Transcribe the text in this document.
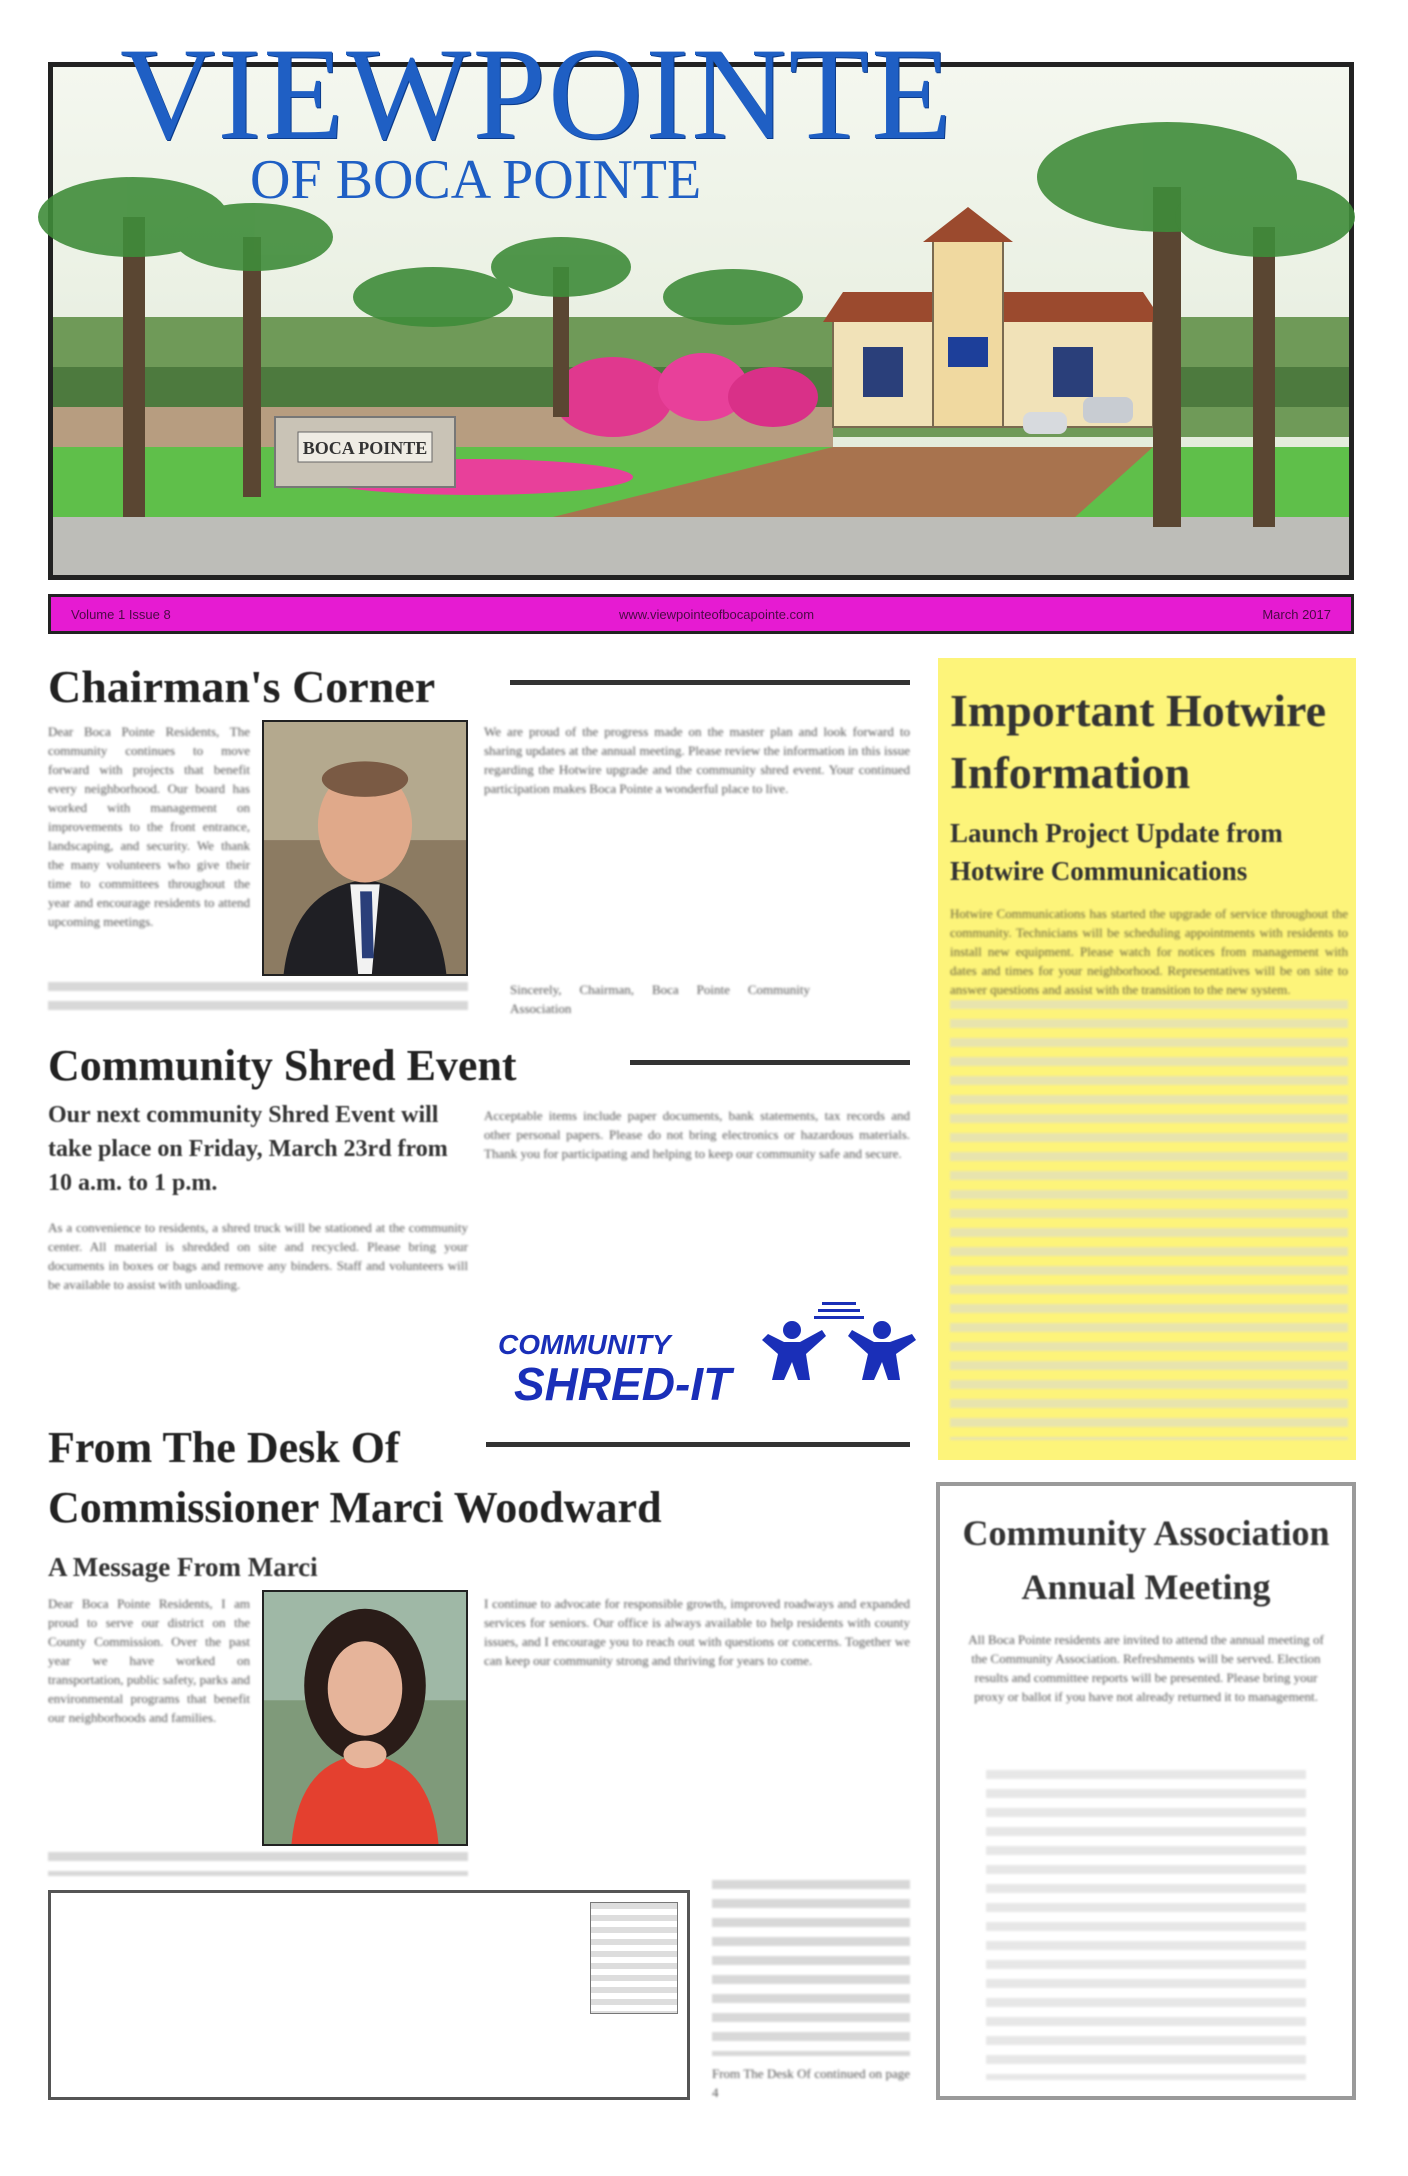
BOCA POINTE
VIEWPOINTE
OF BOCA POINTE
Volume 1 Issue 8	www.viewpointeofbocapointe.com	March 2017
Chairman's Corner
Dear Boca Pointe Residents, The community continues to move forward with projects that benefit every neighborhood. Our board has worked with management on improvements to the front entrance, landscaping, and security. We thank the many volunteers who give their time to committees throughout the year and encourage residents to attend upcoming meetings.
We are proud of the progress made on the master plan and look forward to sharing updates at the annual meeting. Please review the information in this issue regarding the Hotwire upgrade and the community shred event. Your continued participation makes Boca Pointe a wonderful place to live.
Sincerely, Chairman, Boca Pointe Community Association
Community Shred Event
Our next community Shred Event will take place on Friday, March 23rd from 10 a.m. to 1 p.m.
As a convenience to residents, a shred truck will be stationed at the community center. All material is shredded on site and recycled. Please bring your documents in boxes or bags and remove any binders. Staff and volunteers will be available to assist with unloading.
Acceptable items include paper documents, bank statements, tax records and other personal papers. Please do not bring electronics or hazardous materials. Thank you for participating and helping to keep our community safe and secure.
COMMUNITY
SHRED-IT
From The Desk Of
Commissioner Marci Woodward
A Message From Marci
Dear Boca Pointe Residents, I am proud to serve our district on the County Commission. Over the past year we have worked on transportation, public safety, parks and environmental programs that benefit our neighborhoods and families.
I continue to advocate for responsible growth, improved roadways and expanded services for seniors. Our office is always available to help residents with county issues, and I encourage you to reach out with questions or concerns. Together we can keep our community strong and thriving for years to come.
From The Desk Of continued on page 4
Important Hotwire Information
Launch Project Update from Hotwire Communications
Hotwire Communications has started the upgrade of service throughout the community. Technicians will be scheduling appointments with residents to install new equipment. Please watch for notices from management with dates and times for your neighborhood. Representatives will be on site to answer questions and assist with the transition to the new system.
Community Association Annual Meeting
All Boca Pointe residents are invited to attend the annual meeting of the Community Association. Refreshments will be served. Election results and committee reports will be presented. Please bring your proxy or ballot if you have not already returned it to management.
